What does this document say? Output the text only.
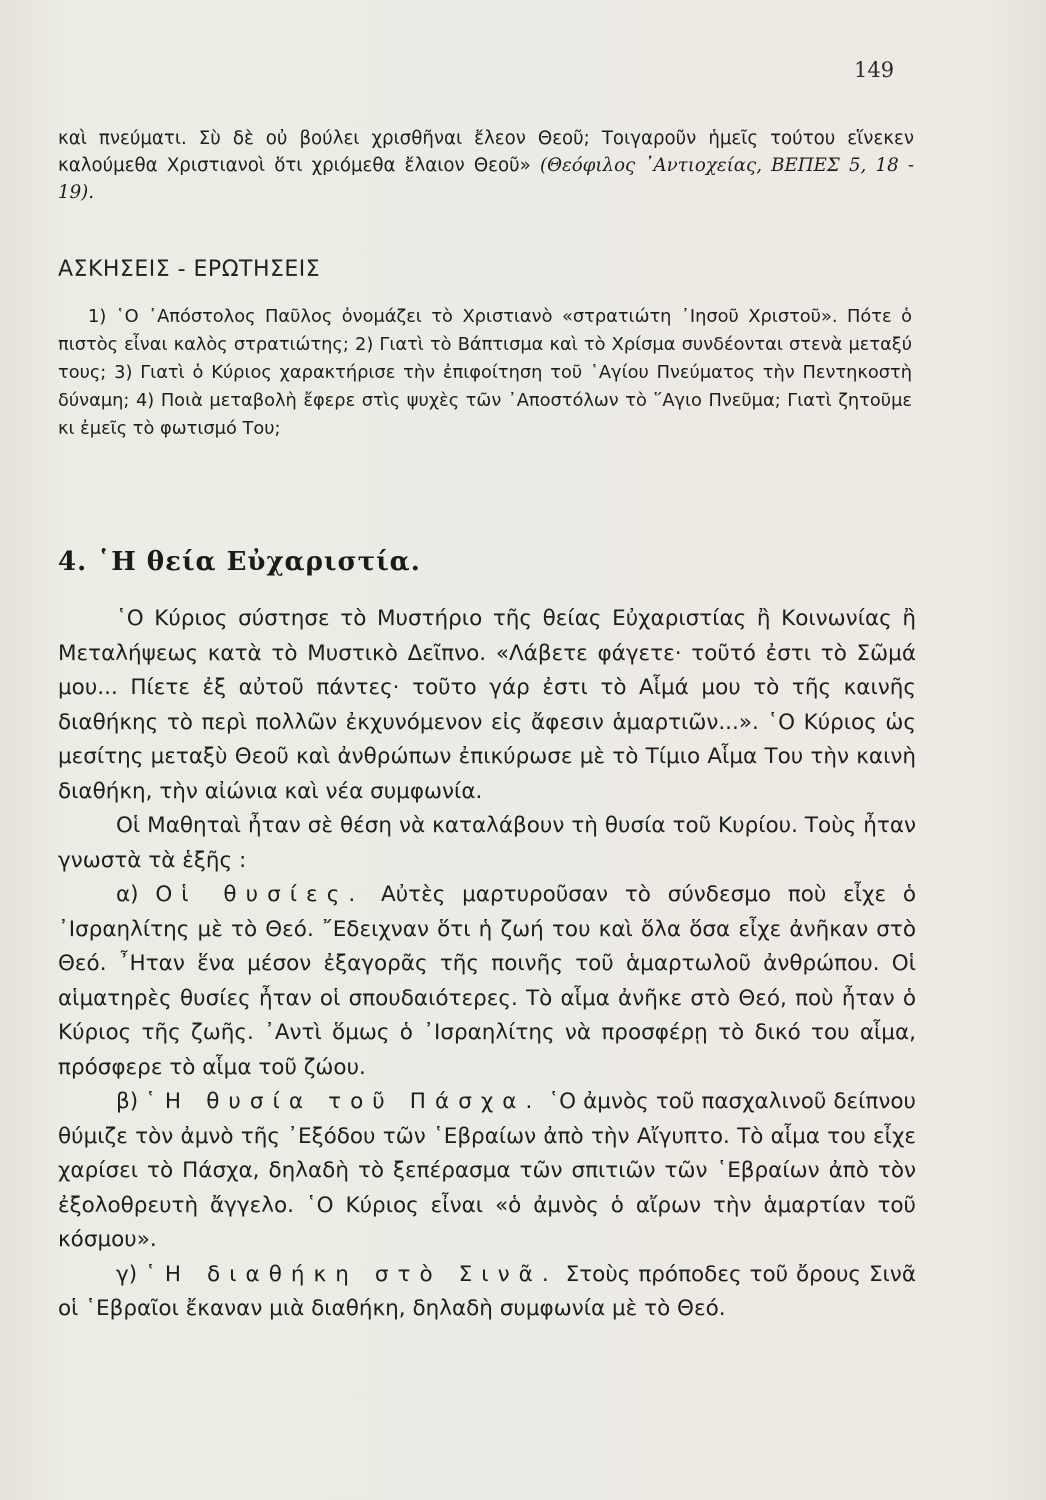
149
καὶ πνεύματι. Σὺ δὲ οὐ βούλει χρισθῆναι ἔλεον Θεοῦ; Τοιγαροῦν ἡμεῖς τούτου εἵνεκεν καλούμεθα Χριστιανοὶ ὅτι χριόμεθα ἔλαιον Θεοῦ» (Θεόφιλος ᾿Αντιοχείας, ΒΕΠΕΣ 5, 18 - 19).
ΑΣΚΗΣΕΙΣ - ΕΡΩΤΗΣΕΙΣ
1) ῾Ο ᾿Απόστολος Παῦλος ὀνομάζει τὸ Χριστιανὸ «στρατιώτη ᾿Ιησοῦ Χριστοῦ». Πότε ὁ πιστὸς εἶναι καλὸς στρατιώτης; 2) Γιατὶ τὸ Βάπτισμα καὶ τὸ Χρίσμα συνδέονται στενὰ μεταξύ τους; 3) Γιατὶ ὁ Κύριος χαρακτήρισε τὴν ἐπιφοίτηση τοῦ ῾Αγίου Πνεύματος τὴν Πεντηκοστὴ δύναμη; 4) Ποιὰ μεταβολὴ ἔφερε στὶς ψυχὲς τῶν ᾿Αποστόλων τὸ ῞Αγιο Πνεῦμα; Γιατὶ ζητοῦμε κι ἐμεῖς τὸ φωτισμό Του;
4. ῾Η θεία Εὐχαριστία.

῾Ο Κύριος σύστησε τὸ Μυστήριο τῆς θείας Εὐχαριστίας ἢ Κοινωνίας ἢ Μεταλήψεως κατὰ τὸ Μυστικὸ Δεῖπνο. «Λάβετε φάγετε· τοῦτό ἐστι τὸ Σῶμά μου... Πίετε ἐξ αὐτοῦ πάντες· τοῦτο γάρ ἐστι τὸ Αἷμά μου τὸ τῆς καινῆς διαθήκης τὸ περὶ πολλῶν ἐκχυνόμενον εἰς ἄφεσιν ἁμαρτιῶν...». ῾Ο Κύριος ὡς μεσίτης μεταξὺ Θεοῦ καὶ ἀνθρώπων ἐπικύρωσε μὲ τὸ Τίμιο Αἷμα Του τὴν καινὴ διαθήκη, τὴν αἰώνια καὶ νέα συμφωνία.

Οἱ Μαθηταὶ ἦταν σὲ θέση νὰ καταλάβουν τὴ θυσία τοῦ Κυρίου. Τοὺς ἦταν γνωστὰ τὰ ἑξῆς :

α) Οἱ θυσίες. Αὐτὲς μαρτυροῦσαν τὸ σύνδεσμο ποὺ εἶχε ὁ ᾿Ισραηλίτης μὲ τὸ Θεό. ῎Εδειχναν ὅτι ἡ ζωή του καὶ ὅλα ὅσα εἶχε ἀνῆκαν στὸ Θεό. ῏Ηταν ἕνα μέσον ἐξαγορᾶς τῆς ποινῆς τοῦ ἁμαρτωλοῦ ἀνθρώπου. Οἱ αἱματηρὲς θυσίες ἦταν οἱ σπουδαιότερες. Τὸ αἷμα ἀνῆκε στὸ Θεό, ποὺ ἦταν ὁ Κύριος τῆς ζωῆς. ᾿Αντὶ ὅμως ὁ ᾿Ισραηλίτης νὰ προσφέρῃ τὸ δικό του αἷμα, πρόσφερε τὸ αἷμα τοῦ ζώου.

β) ῾Η θυσία τοῦ Πάσχα. ῾Ο ἀμνὸς τοῦ πασχαλινοῦ δείπνου θύμιζε τὸν ἀμνὸ τῆς ᾿Εξόδου τῶν ῾Εβραίων ἀπὸ τὴν Αἴγυπτο. Τὸ αἷμα του εἶχε χαρίσει τὸ Πάσχα, δηλαδὴ τὸ ξεπέρασμα τῶν σπιτιῶν τῶν ῾Εβραίων ἀπὸ τὸν ἐξολοθρευτὴ ἄγγελο. ῾Ο Κύριος εἶναι «ὁ ἀμνὸς ὁ αἴρων τὴν ἁμαρτίαν τοῦ κόσμου».

γ) ῾Η διαθήκη στὸ Σινᾶ. Στοὺς πρόποδες τοῦ ὄρους Σινᾶ οἱ ῾Εβραῖοι ἔκαναν μιὰ διαθήκη, δηλαδὴ συμφωνία μὲ τὸ Θεό.
